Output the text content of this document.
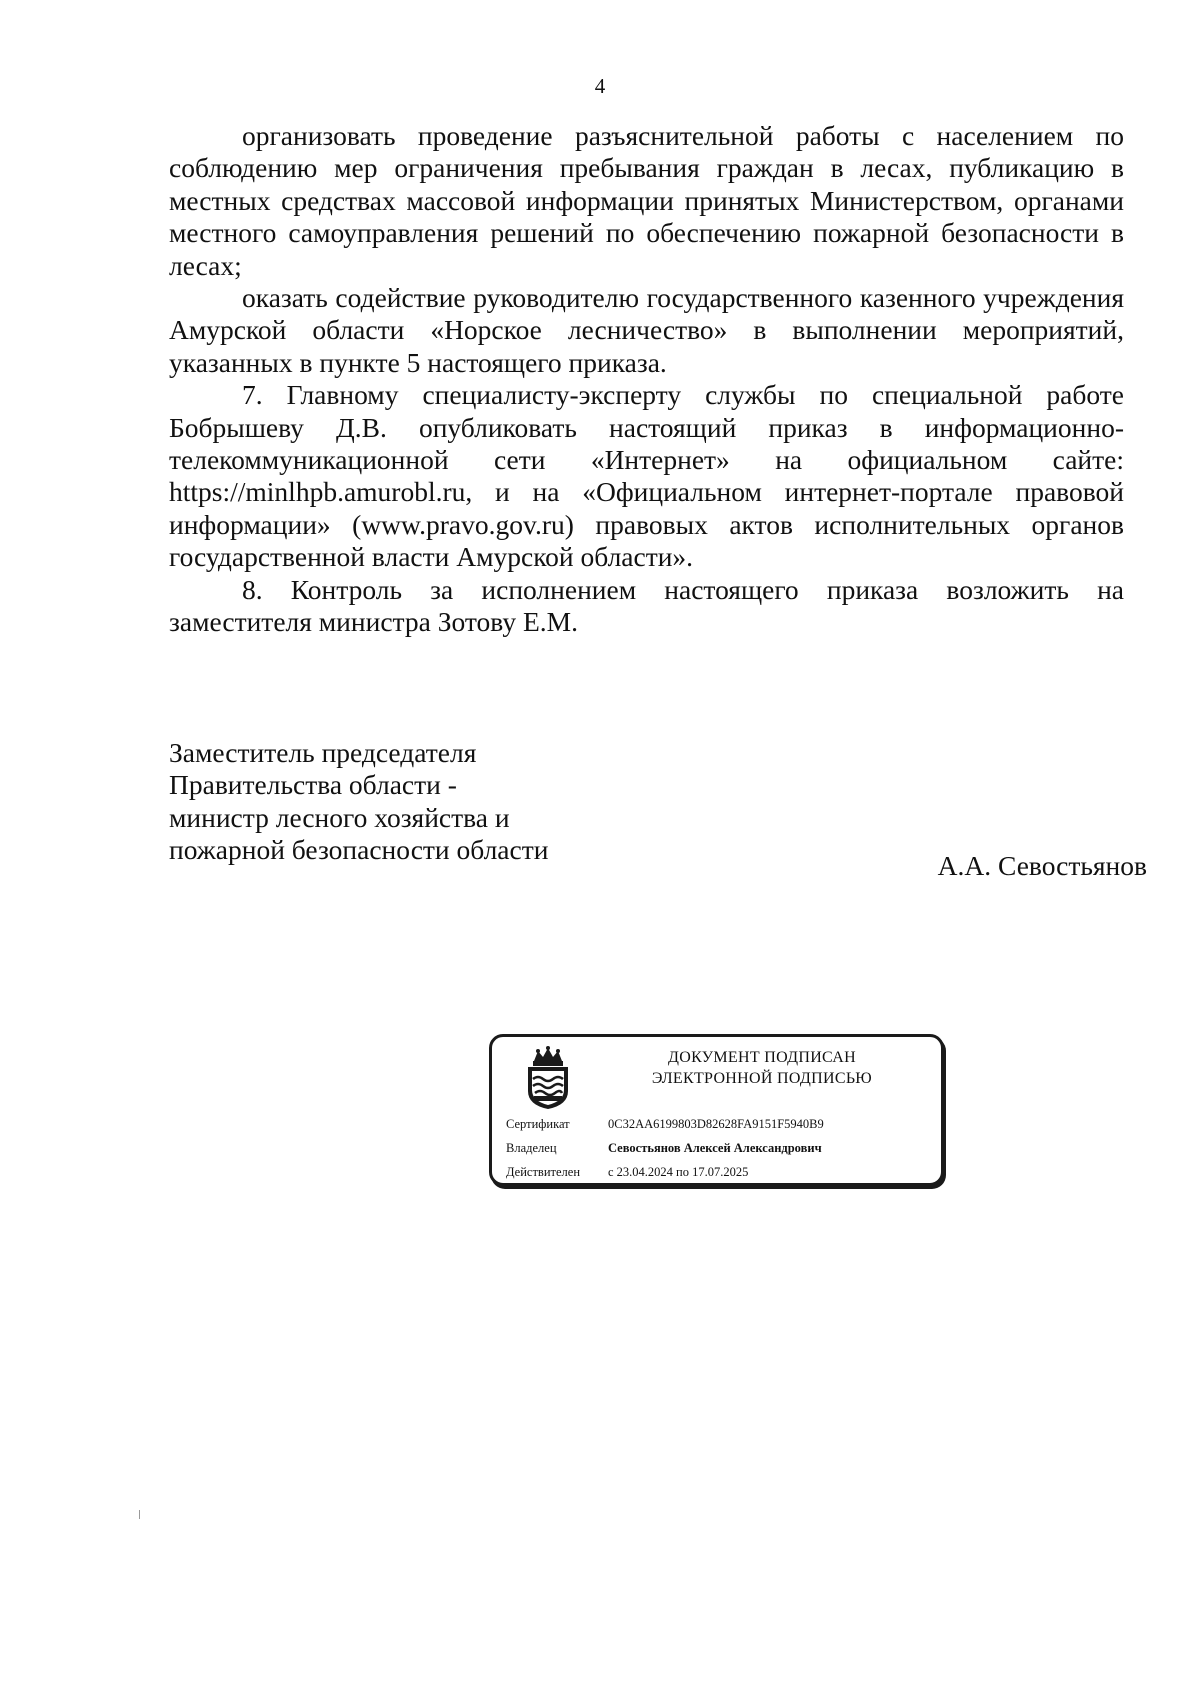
4

организовать проведение разъяснительной работы с населением по соблюдению мер ограничения пребывания граждан в лесах, публикацию в местных средствах массовой информации принятых Министерством, органами местного самоуправления решений по обеспечению пожарной безопасности в лесах;

оказать содействие руководителю государственного казенного учреждения Амурской области «Норское лесничество» в выполнении мероприятий, указанных в пункте 5 настоящего приказа.

7. Главному специалисту-эксперту службы по специальной работе Бобрышеву Д.В. опубликовать настоящий приказ в информационно-телекоммуникационной сети «Интернет» на официальном сайте: https://minlhpb.amurobl.ru, и на «Официальном интернет-портале правовой информации» (www.pravo.gov.ru) правовых актов исполнительных органов государственной власти Амурской области».

8. Контроль за исполнением настоящего приказа возложить на заместителя министра Зотову Е.М.

Заместитель председателя
Правительства области -
министр лесного хозяйства и
пожарной безопасности области
А.А. Севостьянов
ДОКУМЕНТ ПОДПИСАН
ЭЛЕКТРОННОЙ ПОДПИСЬЮ
Сертификат	0C32AA6199803D82628FA9151F5940B9
Владелец	Севостьянов Алексей Александрович
Действителен с 23.04.2024 по 17.07.2025
